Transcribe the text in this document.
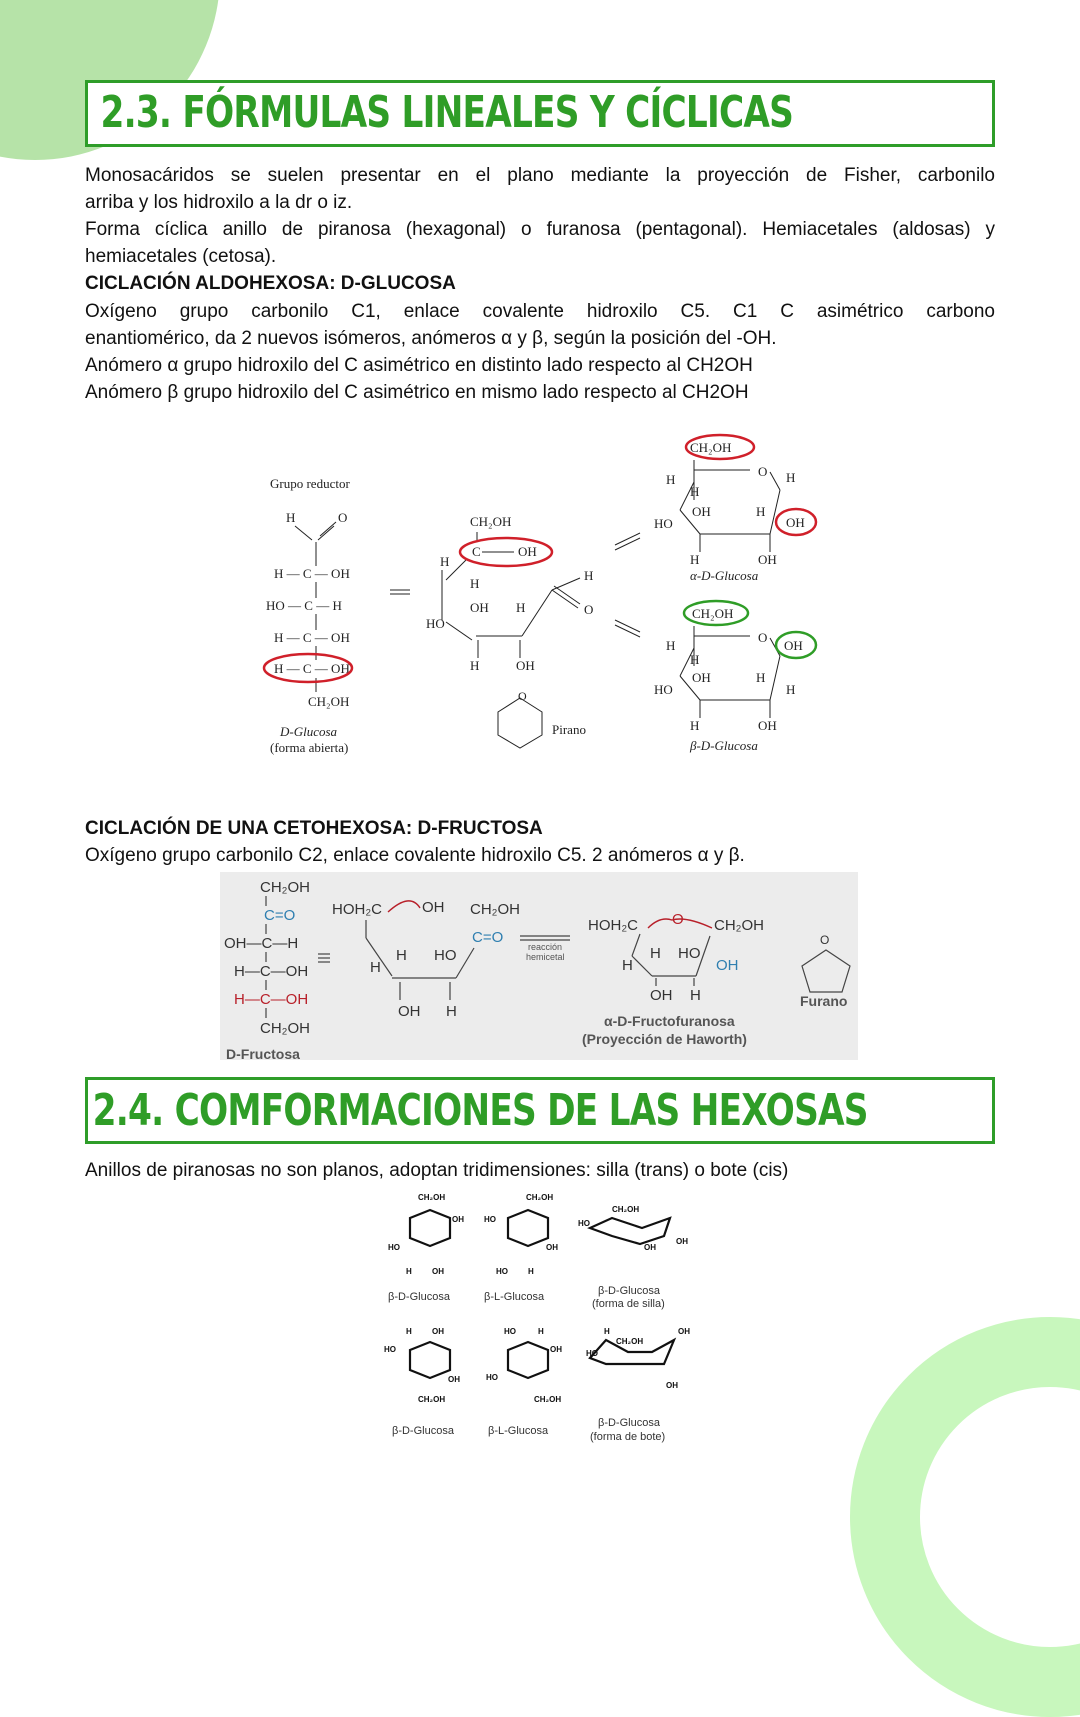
2.3. FÓRMULAS LINEALES Y CÍCLICAS

Monosacáridos se suelen presentar en el plano mediante la proyección de Fisher, carbonilo

arriba y los hidroxilo a la dr o iz.

Forma cíclica anillo de piranosa (hexagonal) o furanosa (pentagonal). Hemiacetales (aldosas) y

hemiacetales (cetosa).

CICLACIÓN ALDOHEXOSA: D-GLUCOSA

Oxígeno grupo carbonilo C1, enlace covalente hidroxilo C5. C1 C asimétrico carbono

enantiomérico, da 2 nuevos isómeros, anómeros α y β, según la posición del -OH.

Anómero α grupo hidroxilo del C asimétrico en distinto lado respecto al CH2OH

Anómero β grupo hidroxilo del C asimétrico en mismo lado respecto al CH2OH

Grupo reductor
H	O
H — C — OH
HO — C — H
H — C — OH
H — C — OH
CH₂OH
D-Glucosa
(forma abierta)
CH₂OH
C	OH
H
H
HO
OH H
H	OH
H
O
Pirano
O
CH₂OH
O H
H
H
OH	H
HO	OH
H	OH
α-D-Glucosa
CH₂OH
O
OH
H
H
OH	H
H
HO
H	OH
β-D-Glucosa

CICLACIÓN DE UNA CETOHEXOSA: D-FRUCTOSA

Oxígeno grupo carbonilo C2, enlace covalente hidroxilo C5. 2 anómeros α y β.

CH₂OH
C=O
OH—C—H
H—C—OH
H—C—OH
CH₂OH
D-Fructosa
HOH₂C	OH CH₂OH
C=O
H HO
H
OH H
HOH₂C O CH₂OH
H HO
OH
H
OH H
α-D-Fructofuranosa
(Proyección de Haworth)
Furano
O
reacción
hemicetal
2.4. COMFORMACIONES DE LAS HEXOSAS

Anillos de piranosas no son planos, adoptan tridimensiones: silla (trans) o bote (cis)

CH₂OH
OH
HO
H	OH
CH₂OH
HO
OH
HO	H
CH₂OH
HO
OH
OH
H	OH
HO
OH
CH₂OH
HO	H
OH
HO
CH₂OH
H
CH₂OH
OH
HO
OH
β-D-Glucosa	β-L-Glucosa	β-D-Glucosa
(forma de silla)
β-D-Glucosa	β-L-Glucosa
β-D-Glucosa
(forma de bote)
